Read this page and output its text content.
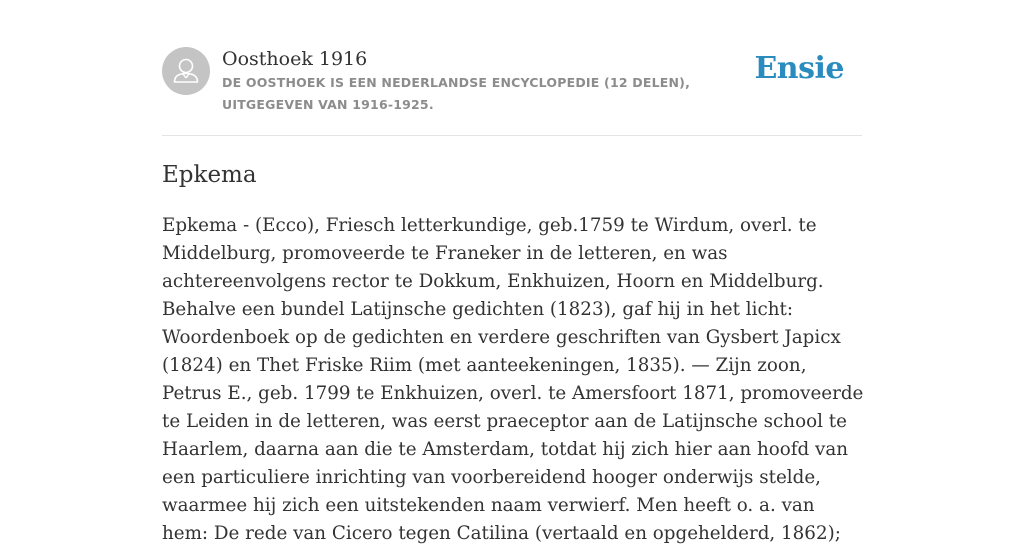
Oosthoek 1916

DE OOSTHOEK IS EEN NEDERLANDSE ENCYCLOPEDIE (12 DELEN), UITGEGEVEN VAN 1916-1925.

Ensie
Epkema

Epkema - (Ecco), Friesch letterkundige, geb.1759 te Wirdum, overl. te Middelburg, promoveerde te Franeker in de letteren, en was achtereenvolgens rector te Dokkum, Enkhuizen, Hoorn en Middelburg. Behalve een bundel Latijnsche gedichten (1823), gaf hij in het licht: Woordenboek op de gedichten en verdere geschriften van Gysbert Japicx (1824) en Thet Friske Riim (met aanteekeningen, 1835). — Zijn zoon, Petrus E., geb. 1799 te Enkhuizen, overl. te Amersfoort 1871, promoveerde te Leiden in de letteren, was eerst praeceptor aan de Latijnsche school te Haarlem, daarna aan die te Amsterdam, totdat hij zich hier aan hoofd van een particuliere inrichting van voorbereidend hooger onderwijs stelde, waarmee hij zich een uitstekenden naam verwierf. Men heeft o. a. van hem: De rede van Cicero tegen Catilina (vertaald en opgehelderd, 1862);
